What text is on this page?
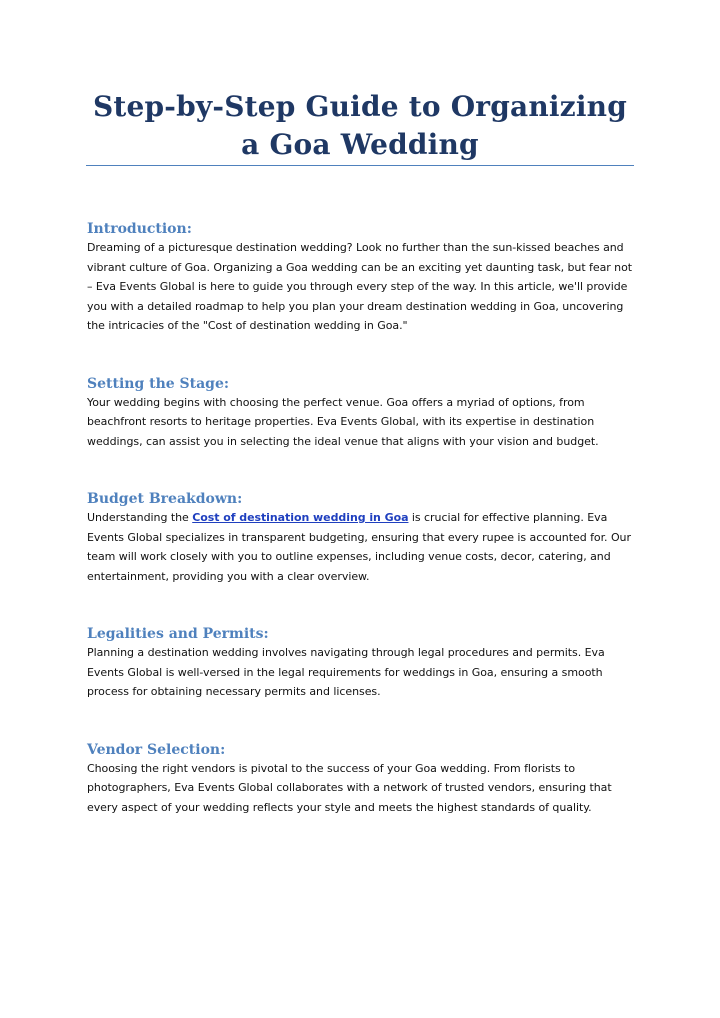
Step-by-Step Guide to Organizing a Goa Wedding
Introduction:

Dreaming of a picturesque destination wedding? Look no further than the sun-kissed beaches and vibrant culture of Goa. Organizing a Goa wedding can be an exciting yet daunting task, but fear not – Eva Events Global is here to guide you through every step of the way. In this article, we'll provide you with a detailed roadmap to help you plan your dream destination wedding in Goa, uncovering the intricacies of the "Cost of destination wedding in Goa."

Setting the Stage:

Your wedding begins with choosing the perfect venue. Goa offers a myriad of options, from beachfront resorts to heritage properties. Eva Events Global, with its expertise in destination weddings, can assist you in selecting the ideal venue that aligns with your vision and budget.

Budget Breakdown:

Understanding the Cost of destination wedding in Goa is crucial for effective planning. Eva Events Global specializes in transparent budgeting, ensuring that every rupee is accounted for. Our team will work closely with you to outline expenses, including venue costs, decor, catering, and entertainment, providing you with a clear overview.

Legalities and Permits:

Planning a destination wedding involves navigating through legal procedures and permits. Eva Events Global is well-versed in the legal requirements for weddings in Goa, ensuring a smooth process for obtaining necessary permits and licenses.

Vendor Selection:

Choosing the right vendors is pivotal to the success of your Goa wedding. From florists to photographers, Eva Events Global collaborates with a network of trusted vendors, ensuring that every aspect of your wedding reflects your style and meets the highest standards of quality.
